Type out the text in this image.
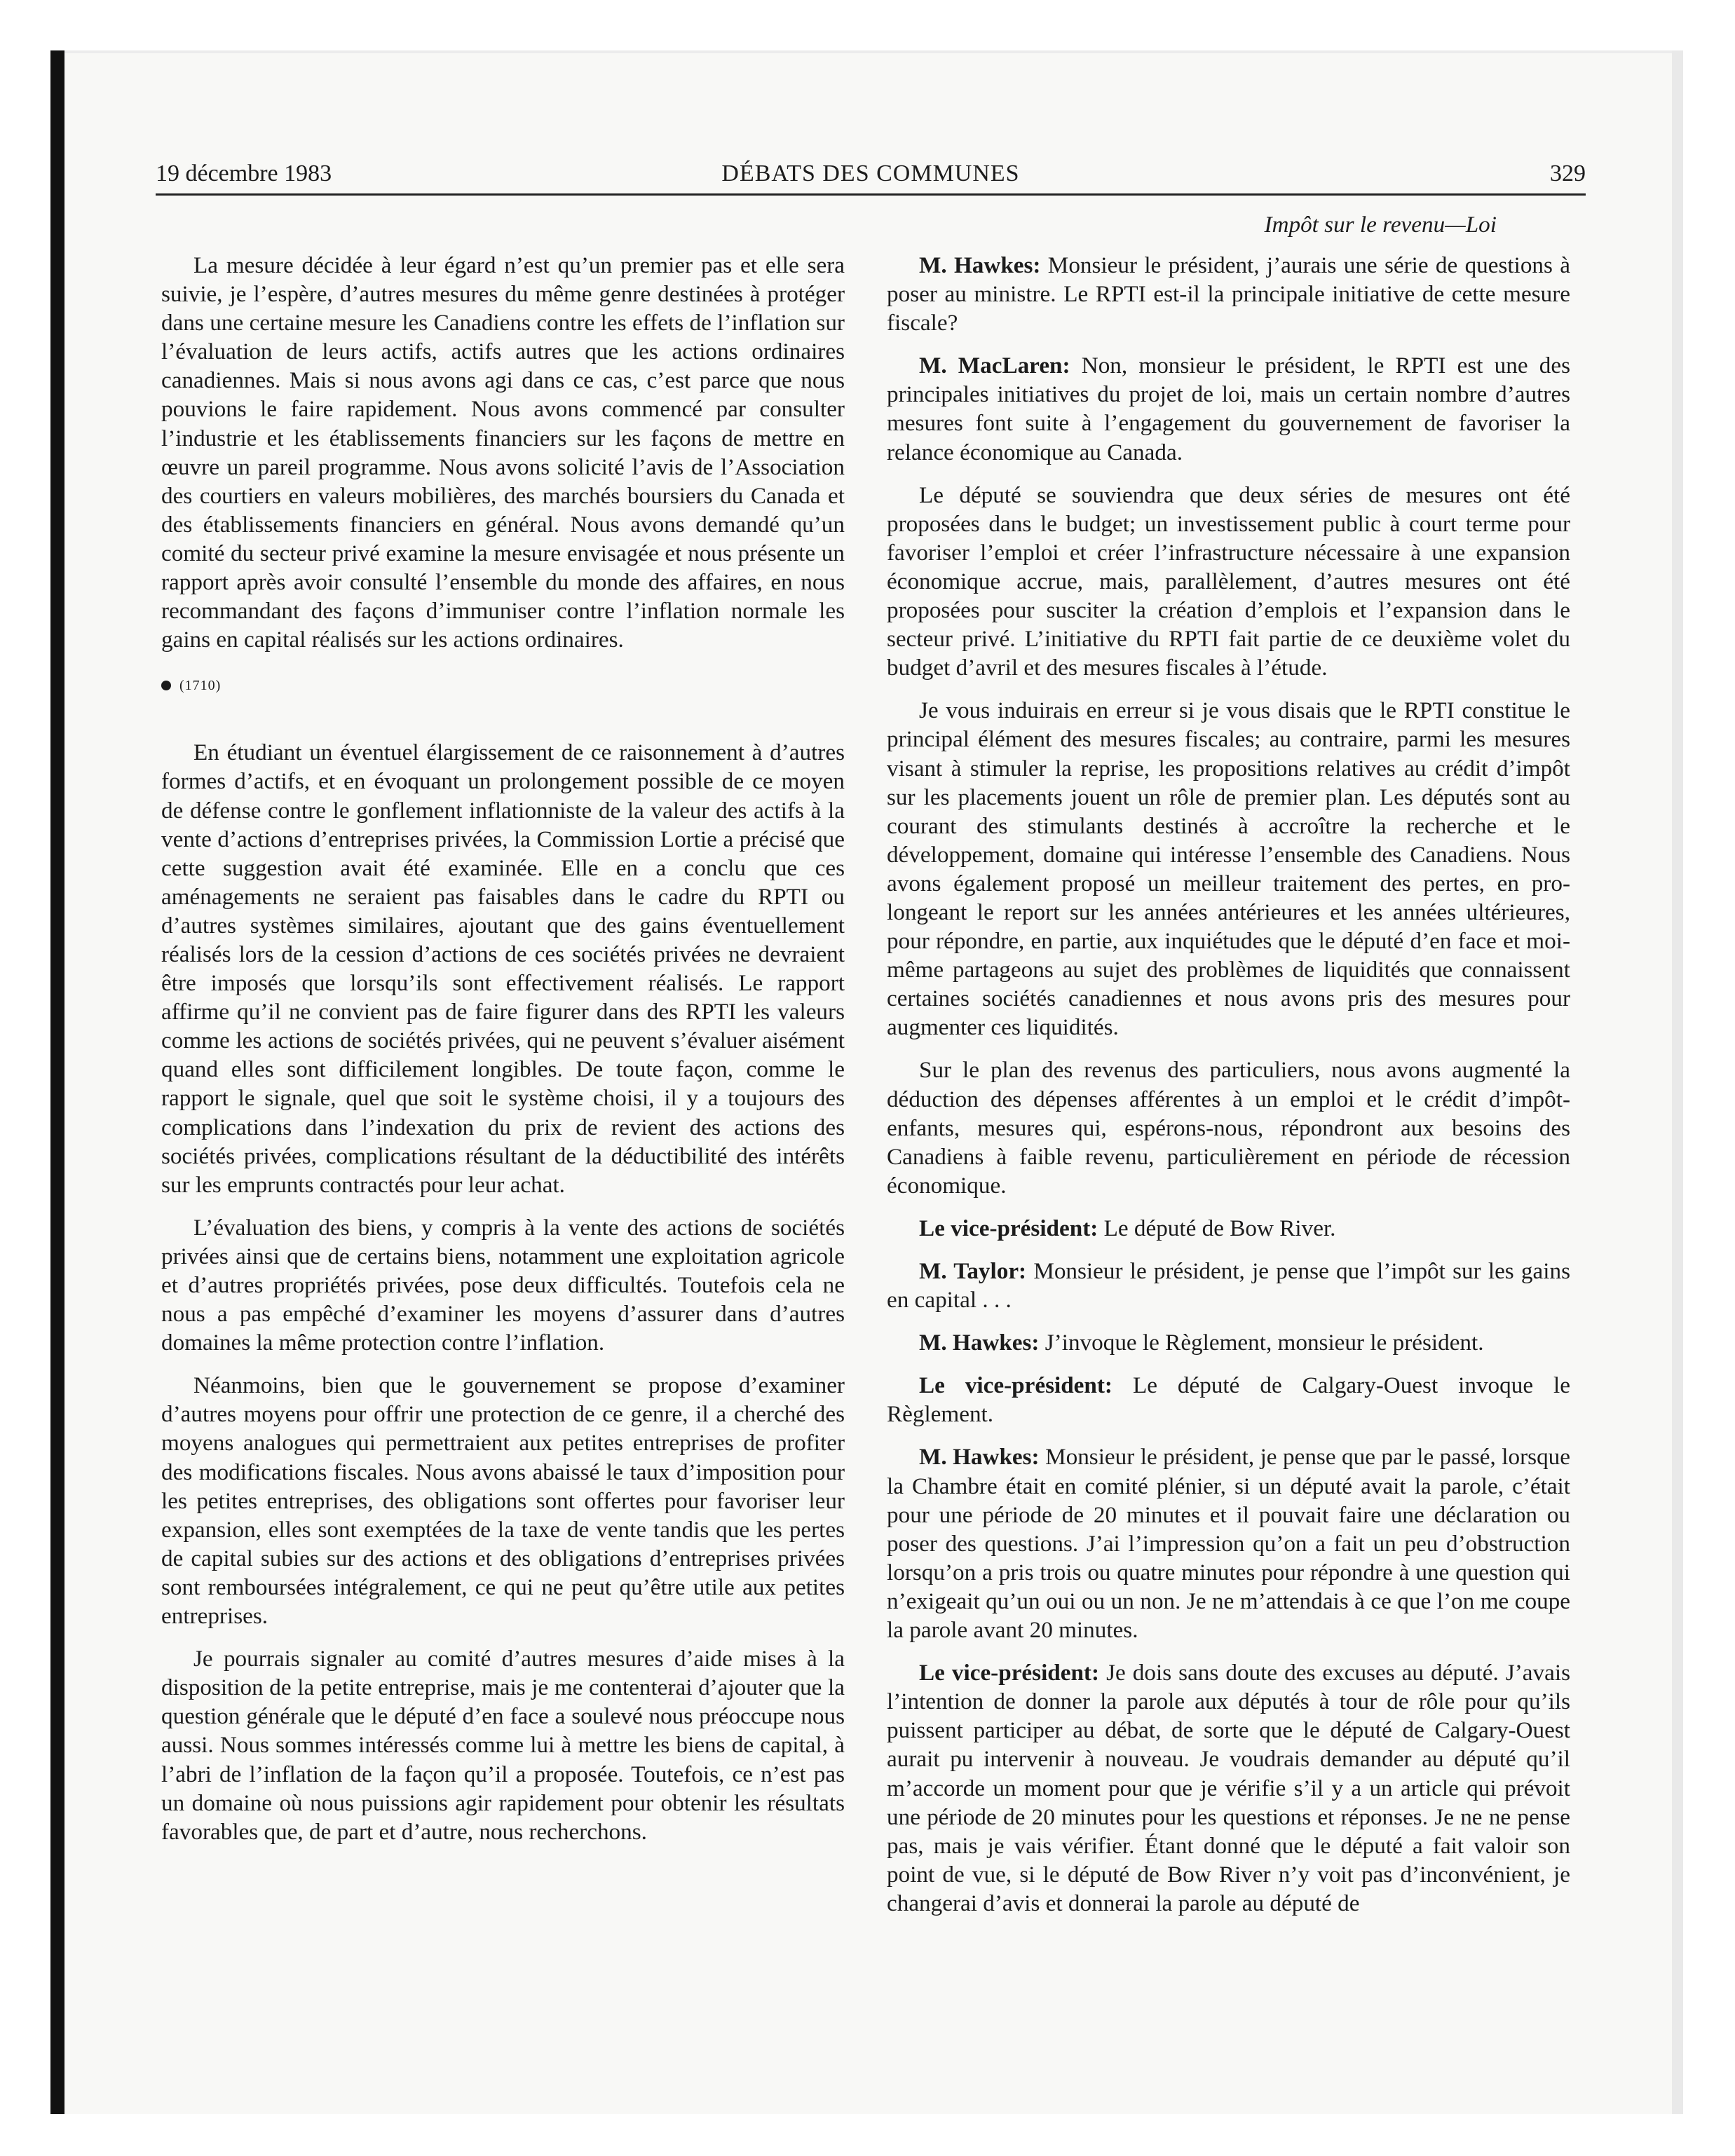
19 décembre 1983	DÉBATS DES COMMUNES	329

La mesure décidée à leur égard n’est qu’un premier pas et elle sera suivie, je l’espère, d’autres mesures du même genre destinées à protéger dans une certaine mesure les Canadiens contre les effets de l’inflation sur l’évaluation de leurs actifs, actifs autres que les actions ordinaires canadiennes. Mais si nous avons agi dans ce cas, c’est parce que nous pouvions le faire rapidement. Nous avons commencé par consulter l’industrie et les établissements financiers sur les façons de mettre en œuvre un pareil programme. Nous avons solicité l’avis de l’Association des courtiers en valeurs mobilières, des marchés boursiers du Canada et des établissements financiers en général. Nous avons demandé qu’un comité du secteur privé examine la mesure envisagée et nous présente un rapport après avoir consulté l’ensemble du monde des affaires, en nous recommandant des façons d’immuniser contre l’inflation normale les gains en capital réalisés sur les actions ordinaires.

(1710)

En étudiant un éventuel élargissement de ce raisonnement à d’autres formes d’actifs, et en évoquant un prolongement possible de ce moyen de défense contre le gonflement inflationniste de la valeur des actifs à la vente d’actions d’entreprises privées, la Commission Lortie a précisé que cette suggestion avait été examinée. Elle en a conclu que ces aménagements ne seraient pas faisables dans le cadre du RPTI ou d’autres systèmes similaires, ajoutant que des gains éventuellement réalisés lors de la cession d’actions de ces sociétés privées ne devraient être imposés que lorsqu’ils sont effectivement réalisés. Le rapport affirme qu’il ne convient pas de faire figurer dans des RPTI les valeurs comme les actions de sociétés privées, qui ne peuvent s’évaluer aisément quand elles sont difficilement longibles. De toute façon, comme le rapport le signale, quel que soit le système choisi, il y a toujours des complications dans l’indexation du prix de revient des actions des sociétés privées, complications résultant de la déductibilité des intérêts sur les emprunts contractés pour leur achat.

L’évaluation des biens, y compris à la vente des actions de sociétés privées ainsi que de certains biens, notamment une exploitation agricole et d’autres propriétés privées, pose deux difficultés. Toutefois cela ne nous a pas empêché d’examiner les moyens d’assurer dans d’autres domaines la même protection contre l’inflation.

Néanmoins, bien que le gouvernement se propose d’examiner d’autres moyens pour offrir une protection de ce genre, il a cherché des moyens analogues qui permettraient aux petites entreprises de profiter des modifications fiscales. Nous avons abaissé le taux d’imposition pour les petites entreprises, des obligations sont offertes pour favoriser leur expansion, elles sont exemptées de la taxe de vente tandis que les pertes de capital subies sur des actions et des obligations d’entreprises privées sont remboursées intégralement, ce qui ne peut qu’être utile aux petites entreprises.

Je pourrais signaler au comité d’autres mesures d’aide mises à la disposition de la petite entreprise, mais je me contenterai d’ajouter que la question générale que le député d’en face a soulevé nous préoccupe nous aussi. Nous sommes intéressés comme lui à mettre les biens de capital, à l’abri de l’inflation de la façon qu’il a proposée. Toutefois, ce n’est pas un domaine où nous puissions agir rapidement pour obtenir les résultats favorables que, de part et d’autre, nous recherchons.

Impôt sur le revenu—Loi

M. Hawkes: Monsieur le président, j’aurais une série de questions à poser au ministre. Le RPTI est-il la principale initiative de cette mesure fiscale?

M. MacLaren: Non, monsieur le président, le RPTI est une des principales initiatives du projet de loi, mais un certain nombre d’autres mesures font suite à l’engagement du gouvernement de favoriser la relance économique au Canada.

Le député se souviendra que deux séries de mesures ont été proposées dans le budget; un investissement public à court terme pour favoriser l’emploi et créer l’infrastructure nécessaire à une expansion économique accrue, mais, parallèlement, d’autres mesures ont été proposées pour susciter la création d’emplois et l’expansion dans le secteur privé. L’initiative du RPTI fait partie de ce deuxième volet du budget d’avril et des mesures fiscales à l’étude.

Je vous induirais en erreur si je vous disais que le RPTI constitue le principal élément des mesures fiscales; au contraire, parmi les mesures visant à stimuler la reprise, les propositions relatives au crédit d’impôt sur les placements jouent un rôle de premier plan. Les députés sont au courant des stimulants destinés à accroître la recherche et le développement, domaine qui intéresse l’ensemble des Canadiens. Nous avons également proposé un meilleur traitement des pertes, en prolongeant le report sur les années antérieures et les années ultérieures, pour répondre, en partie, aux inquiétudes que le député d’en face et moi-même partageons au sujet des problèmes de liquidités que connaissent certaines sociétés canadiennes et nous avons pris des mesures pour augmenter ces liquidités.

Sur le plan des revenus des particuliers, nous avons augmenté la déduction des dépenses afférentes à un emploi et le crédit d’impôt-enfants, mesures qui, espérons-nous, répondront aux besoins des Canadiens à faible revenu, particulièrement en période de récession économique.

Le vice-président: Le député de Bow River.

M. Taylor: Monsieur le président, je pense que l’impôt sur les gains en capital . . .

M. Hawkes: J’invoque le Règlement, monsieur le président.

Le vice-président: Le député de Calgary-Ouest invoque le Règlement.

M. Hawkes: Monsieur le président, je pense que par le passé, lorsque la Chambre était en comité plénier, si un député avait la parole, c’était pour une période de 20 minutes et il pouvait faire une déclaration ou poser des questions. J’ai l’impression qu’on a fait un peu d’obstruction lorsqu’on a pris trois ou quatre minutes pour répondre à une question qui n’exigeait qu’un oui ou un non. Je ne m’attendais à ce que l’on me coupe la parole avant 20 minutes.

Le vice-président: Je dois sans doute des excuses au député. J’avais l’intention de donner la parole aux députés à tour de rôle pour qu’ils puissent participer au débat, de sorte que le député de Calgary-Ouest aurait pu intervenir à nouveau. Je voudrais demander au député qu’il m’accorde un moment pour que je vérifie s’il y a un article qui prévoit une période de 20 minutes pour les questions et réponses. Je ne ne pense pas, mais je vais vérifier. Étant donné que le député a fait valoir son point de vue, si le député de Bow River n’y voit pas d’inconvénient, je changerai d’avis et donnerai la parole au député de
